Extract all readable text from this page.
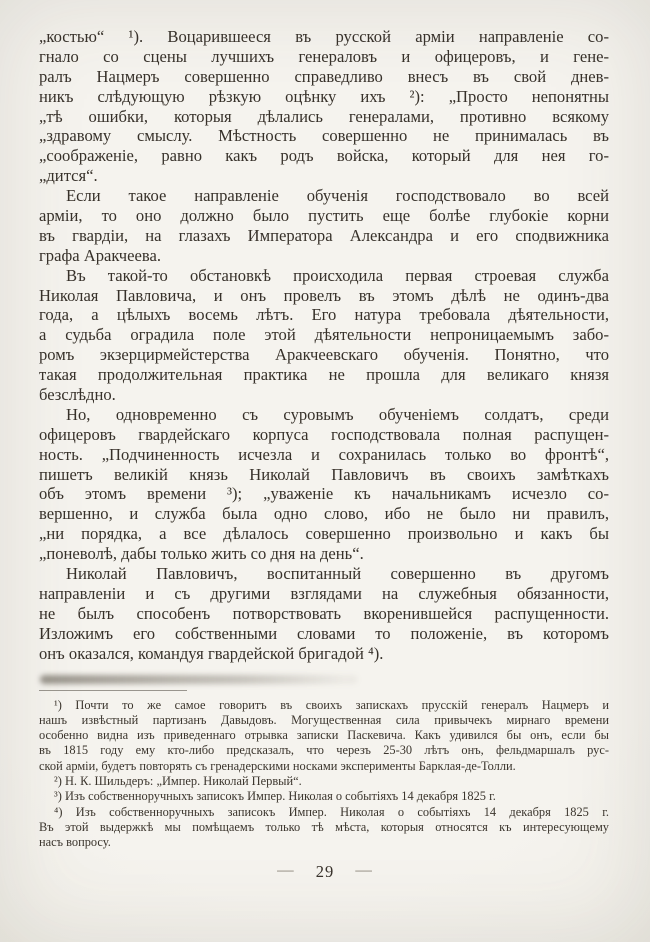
„костью“ ¹). Воцарившееся въ русской арміи направленіе со-
гнало со сцены лучшихъ генераловъ и офицеровъ, и гене-
ралъ Нацмеръ совершенно справедливо внесъ въ свой днев-
никъ слѣдующую рѣзкую оцѣнку ихъ ²): „Просто непонятны
„тѣ ошибки, которыя дѣлались генералами, противно всякому
„здравому смыслу. Мѣстность совершенно не принималась въ
„соображеніе, равно какъ родъ войска, который для нея го-
„дится“.
Если такое направленіе обученія господствовало во всей
арміи, то оно должно было пустить еще болѣе глубокіе корни
въ гвардіи, на глазахъ Императора Александра и его сподвижника
графа Аракчеева.
Въ такой-то обстановкѣ происходила первая строевая служба
Николая Павловича, и онъ провелъ въ этомъ дѣлѣ не одинъ-два
года, а цѣлыхъ восемь лѣтъ. Его натура требовала дѣятельности,
а судьба оградила поле этой дѣятельности непроницаемымъ забо-
ромъ экзерцирмейстерства Аракчеевскаго обученія. Понятно, что
такая продолжительная практика не прошла для великаго князя
безслѣдно.
Но, одновременно съ суровымъ обученіемъ солдатъ, среди
офицеровъ гвардейскаго корпуса господствовала полная распущен-
ность. „Подчиненность исчезла и сохранилась только во фронтѣ“,
пишетъ великій князь Николай Павловичъ въ своихъ замѣткахъ
объ этомъ времени ³); „уваженіе къ начальникамъ исчезло со-
вершенно, и служба была одно слово, ибо не было ни правилъ,
„ни порядка, а все дѣлалось совершенно произвольно и какъ бы
„поневолѣ, дабы только жить со дня на день“.
Николай Павловичъ, воспитанный совершенно въ другомъ
направленіи и съ другими взглядами на служебныя обязанности,
не былъ способенъ потворствовать вкоренившейся распущенности.
Изложимъ его собственными словами то положеніе, въ которомъ
онъ оказался, командуя гвардейской бригадой ⁴).
¹) Почти то же самое говоритъ въ своихъ запискахъ прусскій генералъ Нацмеръ и
нашъ извѣстный партизанъ Давыдовъ. Могущественная сила привычекъ мирнаго времени
особенно видна изъ приведеннаго отрывка записки Паскевича. Какъ удивился бы онъ, если бы
въ 1815 году ему кто-либо предсказалъ, что черезъ 25-30 лѣтъ онъ, фельдмаршалъ рус-
ской арміи, будетъ повторять съ гренадерскими носками эксперименты Барклая-де-Толли.
²) Н. К. Шильдеръ: „Импер. Николай Первый“.
³) Изъ собственноручныхъ записокъ Импер. Николая о событіяхъ 14 декабря 1825 г.
⁴) Изъ собственноручныхъ записокъ Импер. Николая о событіяхъ 14 декабря 1825 г.
Въ этой выдержкѣ мы помѣщаемъ только тѣ мѣста, которыя относятся къ интересующему
насъ вопросу.
— 29 —
